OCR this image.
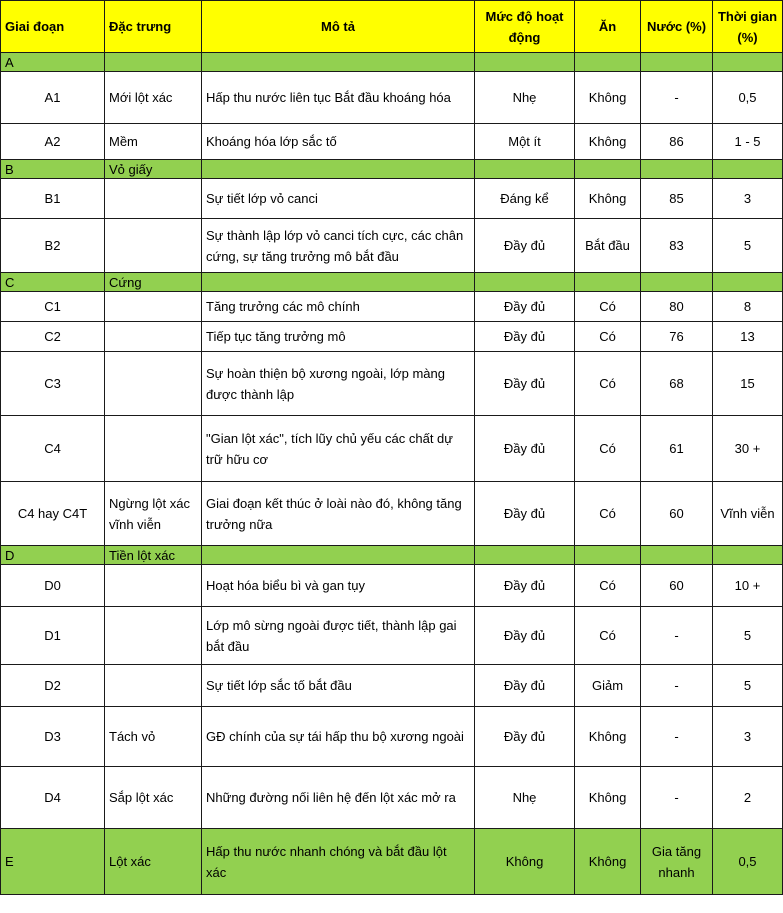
Giai đoạn	Đặc trưng	Mô tả	Mức độ hoạt động	Ăn	Nước (%)	Thời gian (%)
A						
A1	Mới lột xác	Hấp thu nước liên tục Bắt đầu khoáng hóa	Nhẹ	Không	-	0,5
A2	Mềm	Khoáng hóa lớp sắc tố	Một ít	Không	86	1 - 5
B	Vỏ giấy					
B1		Sự tiết lớp vỏ canci	Đáng kể	Không	85	3
B2		Sự thành lập lớp vỏ canci tích cực, các chân cứng, sự tăng trưởng mô bắt đầu	Đầy đủ	Bắt đầu	83	5
C	Cứng					
C1		Tăng trưởng các mô chính	Đầy đủ	Có	80	8
C2		Tiếp tục tăng trưởng mô	Đầy đủ	Có	76	13
C3		Sự hoàn thiện bộ xương ngoài, lớp màng được thành lập	Đầy đủ	Có	68	15
C4		"Gian lột xác", tích lũy chủ yếu các chất dự trữ hữu cơ	Đầy đủ	Có	61	30 +
C4 hay C4T	Ngừng lột xác vĩnh viễn	Giai đoạn kết thúc ở loài nào đó, không tăng trưởng nữa	Đầy đủ	Có	60	Vĩnh viễn
D	Tiền lột xác					
D0		Hoạt hóa biểu bì và gan tụy	Đầy đủ	Có	60	10 +
D1		Lớp mô sừng ngoài được tiết, thành lập gai bắt đầu	Đầy đủ	Có	-	5
D2		Sự tiết lớp sắc tố bắt đầu	Đầy đủ	Giảm	-	5
D3	Tách vỏ	GĐ chính của sự tái hấp thu bộ xương ngoài	Đầy đủ	Không	-	3
D4	Sắp lột xác	Những đường nối liên hệ đến lột xác mở ra	Nhẹ	Không	-	2
E	Lột xác	Hấp thu nước nhanh chóng và bắt đầu lột xác	Không	Không	Gia tăng nhanh	0,5
